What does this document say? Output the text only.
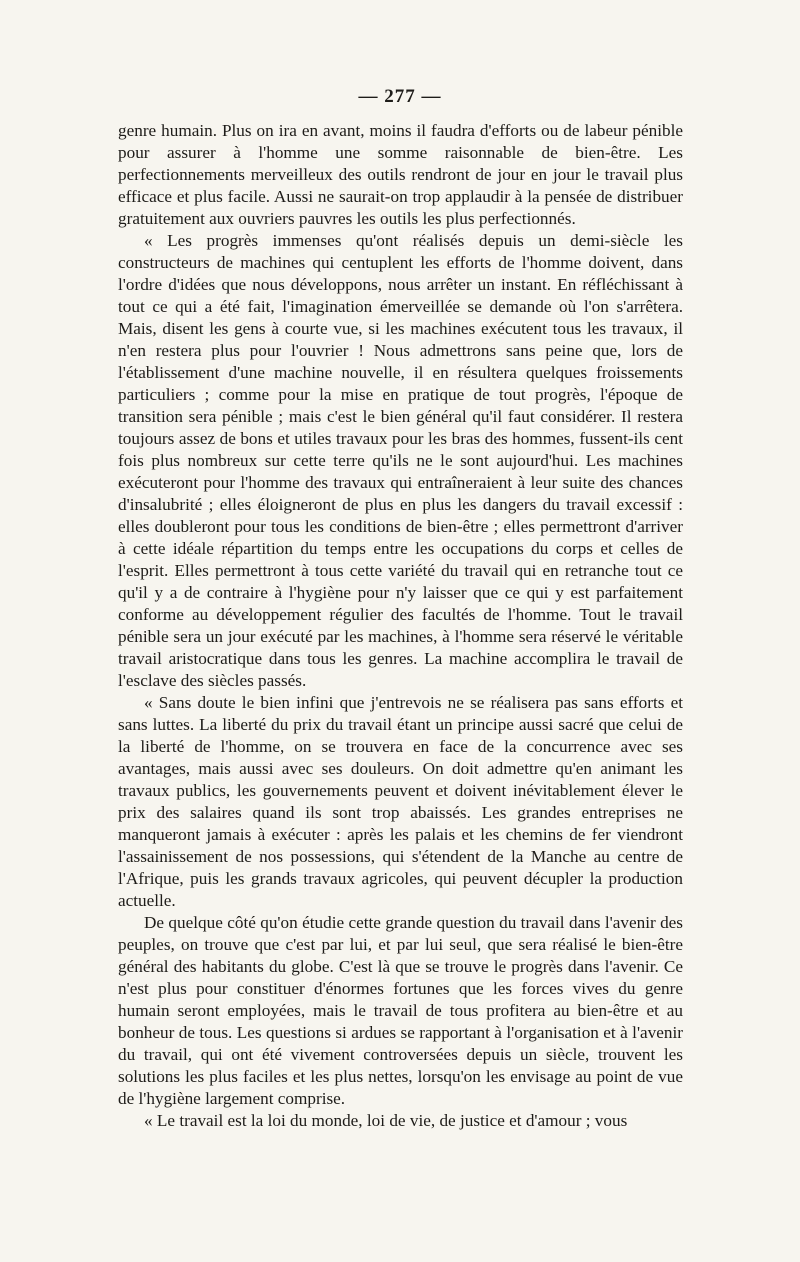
— 277 —

genre humain. Plus on ira en avant, moins il faudra d'efforts ou de labeur pénible pour assurer à l'homme une somme raisonnable de bien-être. Les perfectionnements merveilleux des outils rendront de jour en jour le travail plus efficace et plus facile. Aussi ne saurait-on trop applaudir à la pensée de distribuer gratuitement aux ouvriers pauvres les outils les plus perfectionnés.

« Les progrès immenses qu'ont réalisés depuis un demi-siècle les constructeurs de machines qui centuplent les efforts de l'homme doivent, dans l'ordre d'idées que nous développons, nous arrêter un instant. En réfléchissant à tout ce qui a été fait, l'imagination émerveillée se demande où l'on s'arrêtera. Mais, disent les gens à courte vue, si les machines exécutent tous les travaux, il n'en restera plus pour l'ouvrier ! Nous admettrons sans peine que, lors de l'établissement d'une machine nouvelle, il en résultera quelques froissements particuliers ; comme pour la mise en pratique de tout progrès, l'époque de transition sera pénible ; mais c'est le bien général qu'il faut considérer. Il restera toujours assez de bons et utiles travaux pour les bras des hommes, fussent-ils cent fois plus nombreux sur cette terre qu'ils ne le sont aujourd'hui. Les machines exécuteront pour l'homme des travaux qui entraîneraient à leur suite des chances d'insalubrité ; elles éloigneront de plus en plus les dangers du travail excessif : elles doubleront pour tous les conditions de bien-être ; elles permettront d'arriver à cette idéale répartition du temps entre les occupations du corps et celles de l'esprit. Elles permettront à tous cette variété du travail qui en retranche tout ce qu'il y a de contraire à l'hygiène pour n'y laisser que ce qui y est parfaitement conforme au développement régulier des facultés de l'homme. Tout le travail pénible sera un jour exécuté par les machines, à l'homme sera réservé le véritable travail aristocratique dans tous les genres. La machine accomplira le travail de l'esclave des siècles passés.

« Sans doute le bien infini que j'entrevois ne se réalisera pas sans efforts et sans luttes. La liberté du prix du travail étant un principe aussi sacré que celui de la liberté de l'homme, on se trouvera en face de la concurrence avec ses avantages, mais aussi avec ses douleurs. On doit admettre qu'en animant les travaux publics, les gouvernements peuvent et doivent inévitablement élever le prix des salaires quand ils sont trop abaissés. Les grandes entreprises ne manqueront jamais à exécuter : après les palais et les chemins de fer viendront l'assainissement de nos possessions, qui s'étendent de la Manche au centre de l'Afrique, puis les grands travaux agricoles, qui peuvent décupler la production actuelle.

De quelque côté qu'on étudie cette grande question du travail dans l'avenir des peuples, on trouve que c'est par lui, et par lui seul, que sera réalisé le bien-être général des habitants du globe. C'est là que se trouve le progrès dans l'avenir. Ce n'est plus pour constituer d'énormes fortunes que les forces vives du genre humain seront employées, mais le travail de tous profitera au bien-être et au bonheur de tous. Les questions si ardues se rapportant à l'organisation et à l'avenir du travail, qui ont été vivement controversées depuis un siècle, trouvent les solutions les plus faciles et les plus nettes, lorsqu'on les envisage au point de vue de l'hygiène largement comprise.

« Le travail est la loi du monde, loi de vie, de justice et d'amour ; vous
